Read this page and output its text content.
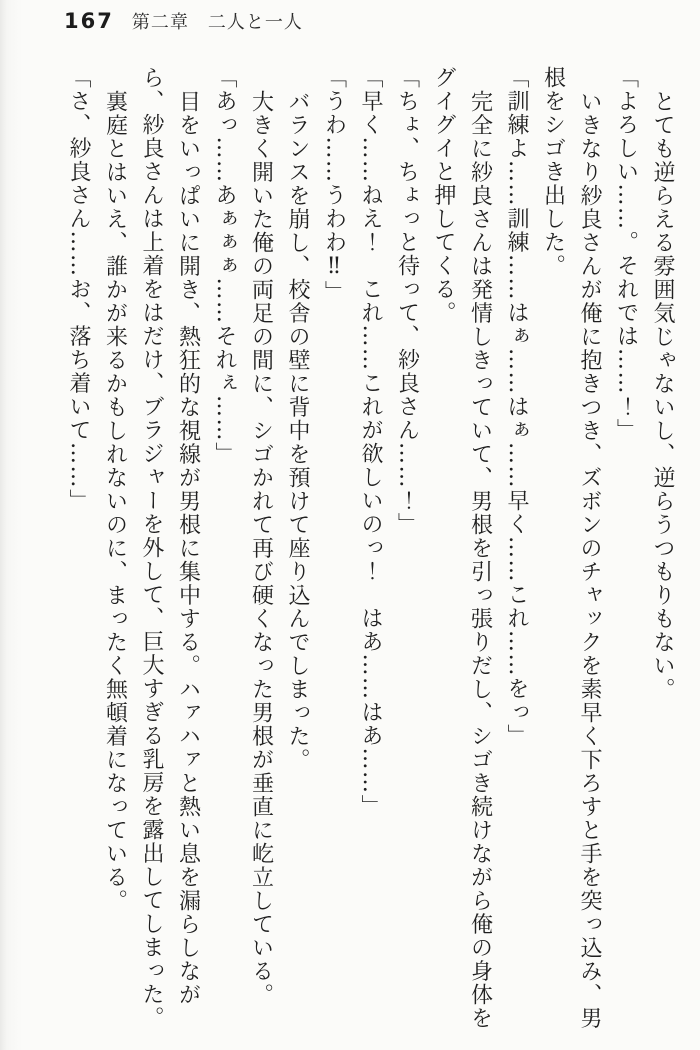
167 第二章　二人と一人

とても逆らえる雰囲気じゃないし、逆らうつもりもない。

「よろしい……。それでは……！」

いきなり紗良さんが俺に抱きつき、ズボンのチャックを素早く下ろすと手を突っ込み、男根をシゴき出した。

「訓練よ……訓練……はぁ……はぁ……早く……これ……をっ」

完全に紗良さんは発情しきっていて、男根を引っ張りだし、シゴき続けながら俺の身体をグイグイと押してくる。

「ちょ、ちょっと待って、紗良さん……！」

「早く……ねえ！　これ……これが欲しいのっ！　はあ……はあ……」

「うわ……うわわ‼」

バランスを崩し、校舎の壁に背中を預けて座り込んでしまった。

大きく開いた俺の両足の間に、シゴかれて再び硬くなった男根が垂直に屹立している。

「あっ……あぁぁぁ……それぇ……」

目をいっぱいに開き、熱狂的な視線が男根に集中する。ハァハァと熱い息を漏らしながら、紗良さんは上着をはだけ、ブラジャーを外して、巨大すぎる乳房を露出してしまった。

裏庭とはいえ、誰かが来るかもしれないのに、まったく無頓着になっている。

「さ、紗良さん……お、落ち着いて……」
